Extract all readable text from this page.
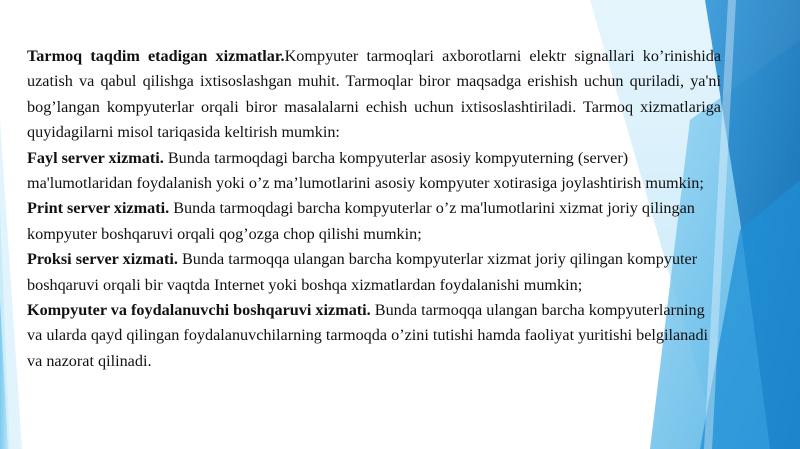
Tarmoq taqdim etadigan xizmatlar.Kompyuter tarmoqlari axborotlarni elektr signallari ko’rinishida uzatish va qabul qilishga ixtisoslashgan muhit. Tarmoqlar biror maqsadga erishish uchun quriladi, ya'ni bog’langan kompyuterlar orqali biror masalalarni echish uchun ixtisoslashtiriladi. Tarmoq xizmatlariga quyidagilarni misol tariqasida keltirish mumkin:

Fayl server xizmati. Bunda tarmoqdagi barcha kompyuterlar asosiy kompyuterning (server) ma'lumotlaridan foydalanish yoki o’z ma’lumotlarini asosiy kompyuter xotirasiga joylashtirish mumkin;

Print server xizmati. Bunda tarmoqdagi barcha kompyuterlar o’z ma'lumotlarini xizmat joriy qilingan kompyuter boshqaruvi orqali qog’ozga chop qilishi mumkin;

Proksi server xizmati. Bunda tarmoqqa ulangan barcha kompyuterlar xizmat joriy qilingan kompyuter boshqaruvi orqali bir vaqtda Internet yoki boshqa xizmatlardan foydalanishi mumkin;

Kompyuter va foydalanuvchi boshqaruvi xizmati. Bunda tarmoqqa ulangan barcha kompyuterlarning va ularda qayd qilingan foydalanuvchilarning tarmoqda o’zini tutishi hamda faoliyat yuritishi belgilanadi va nazorat qilinadi.
